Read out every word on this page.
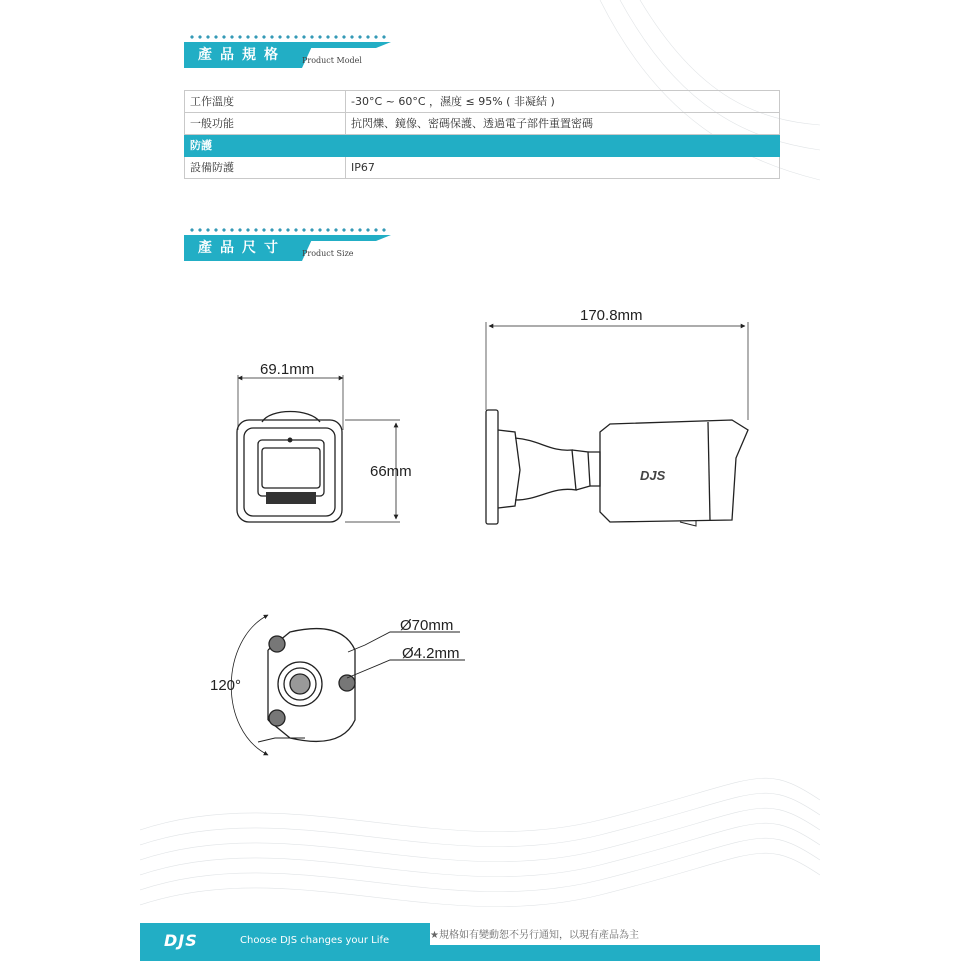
產品規格	Product Model
工作溫度	-30°C ~ 60°C ，濕度 ≤ 95% ( 非凝結 )
一般功能	抗閃爍、鏡像、密碼保護、透過電子部件重置密碼
防護	
設備防護	IP67
產品尺寸	Product Size
69.1mm
66mm	DJS
170.8mm
Ø70mm
Ø4.2mm
120°
DJS	Choose DJS changes your Life	★規格如有變動恕不另行通知，以現有產品為主
